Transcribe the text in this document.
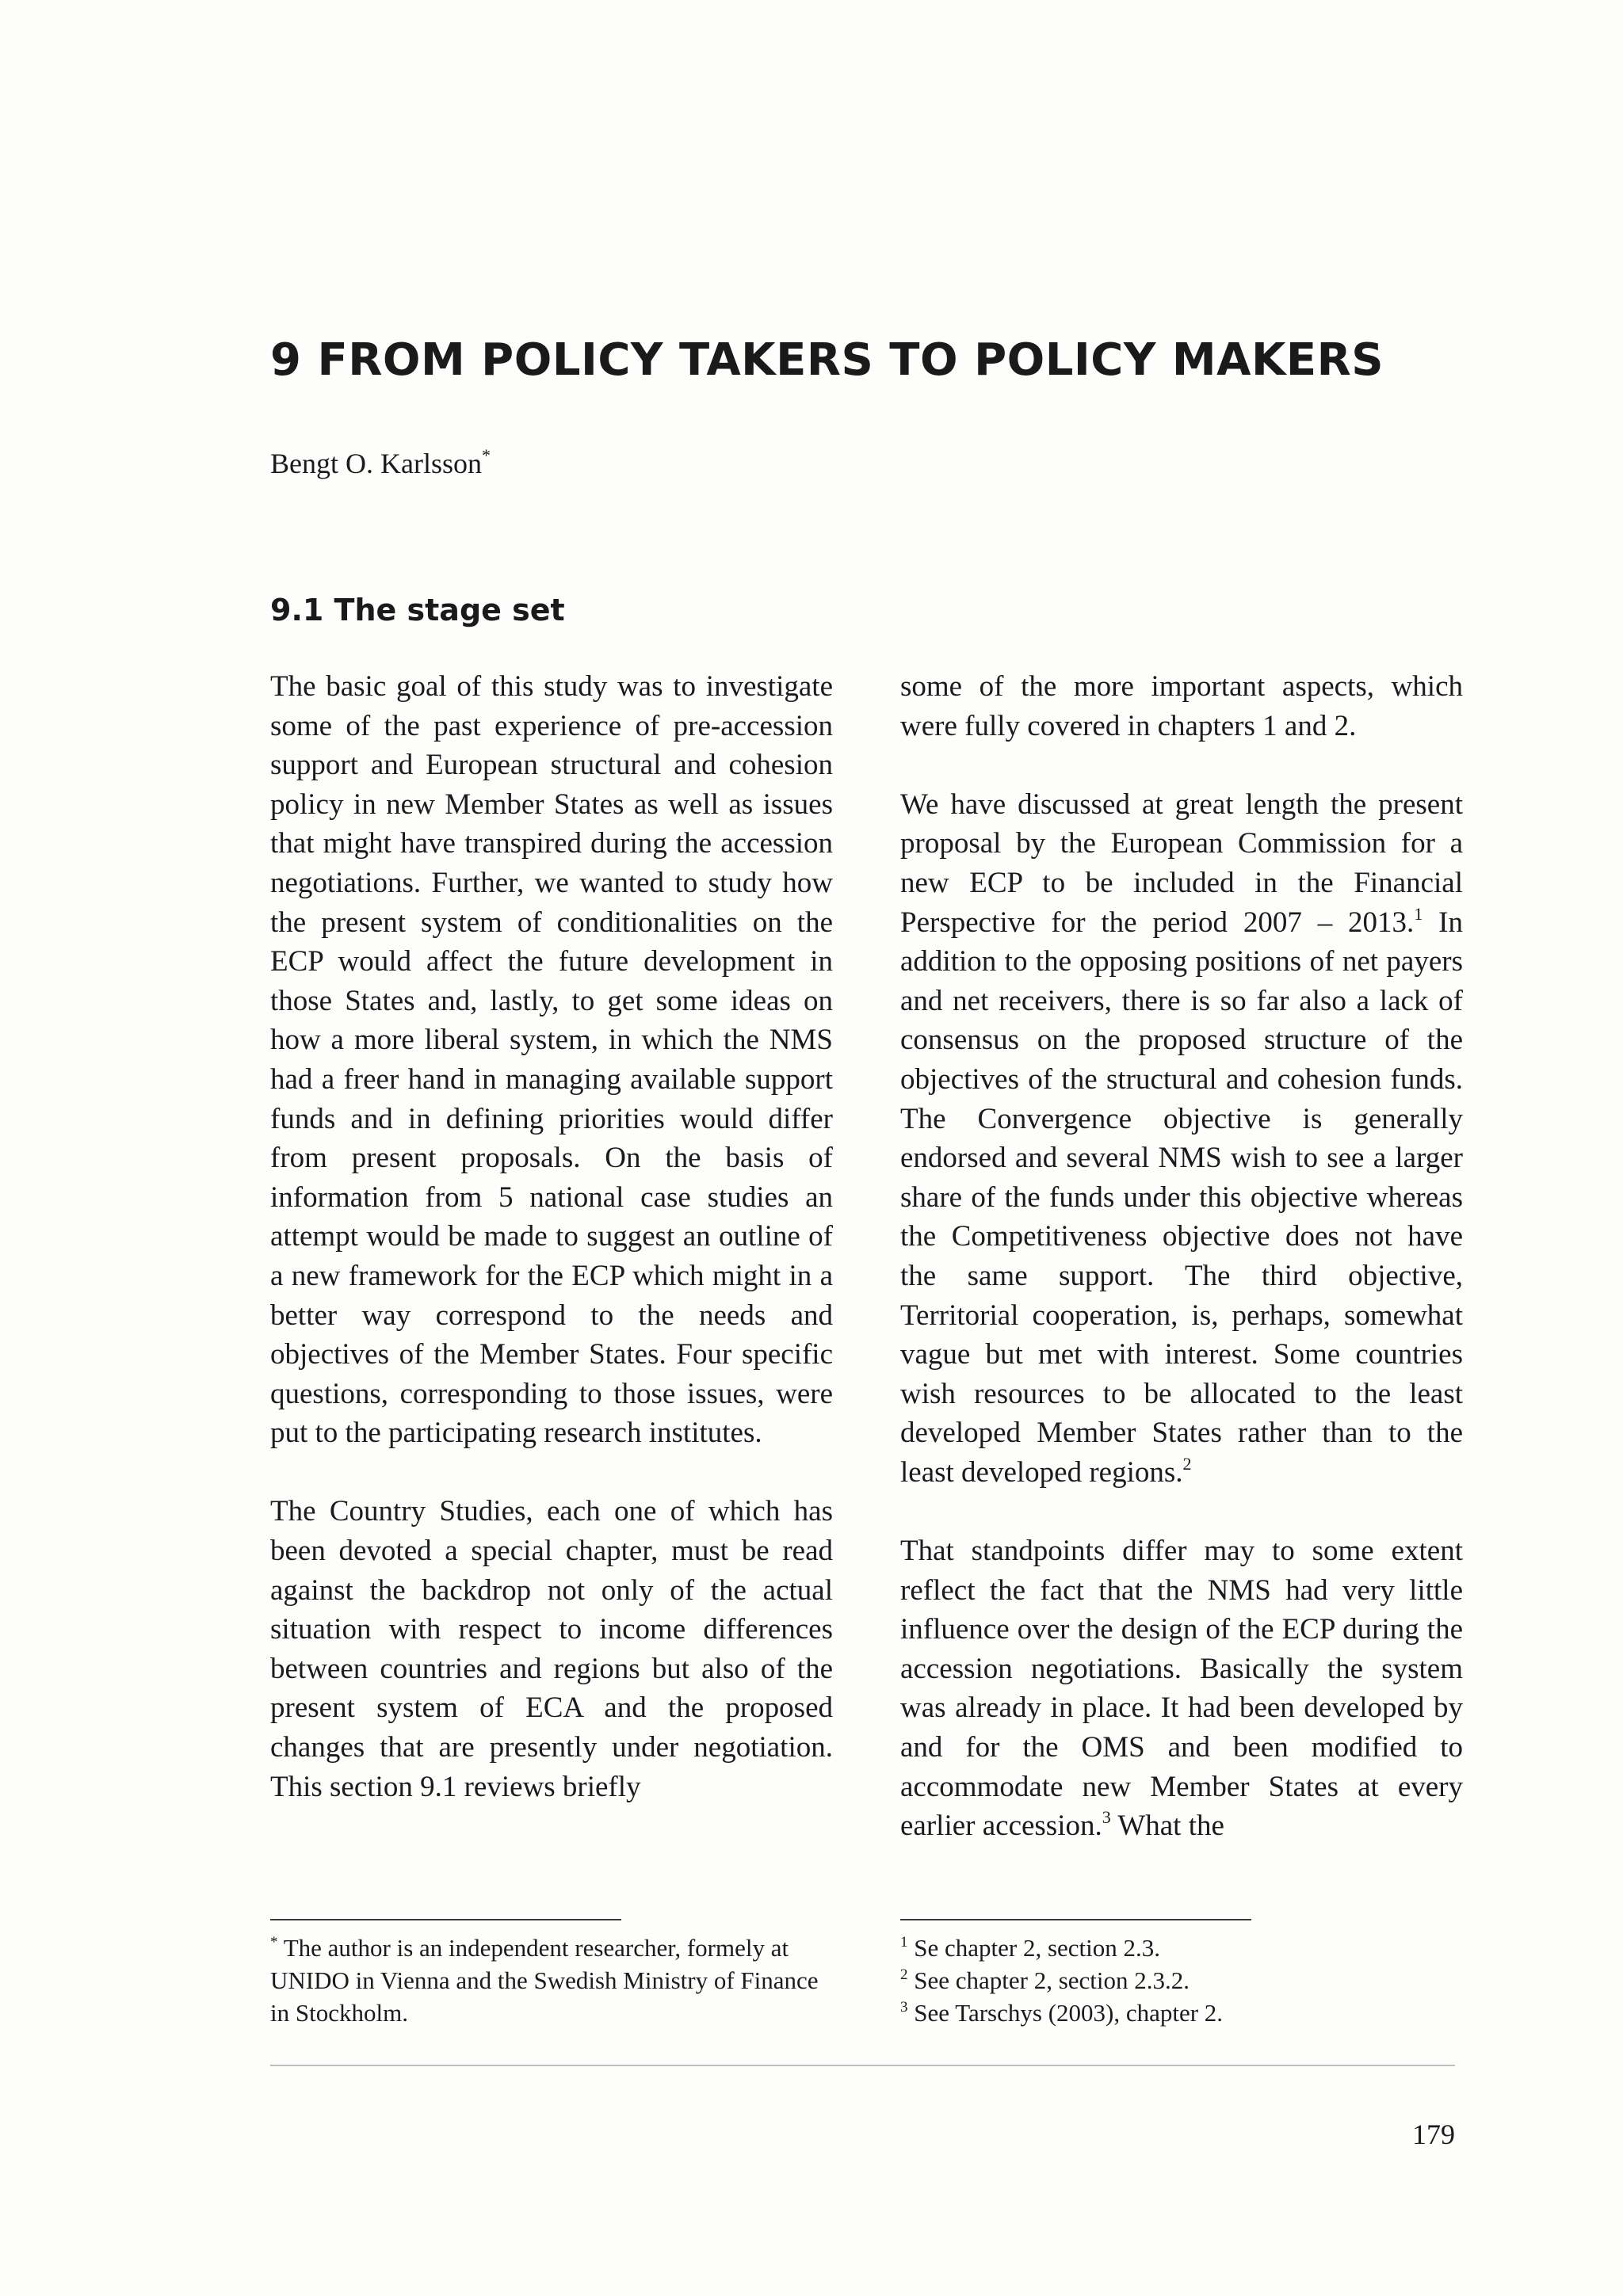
9 FROM POLICY TAKERS TO POLICY MAKERS

Bengt O. Karlsson*

9.1 The stage set

The basic goal of this study was to investigate some of the past experience of pre-accession support and European structural and cohesion policy in new Member States as well as issues that might have transpired during the accession negotiations. Further, we wanted to study how the present system of conditionalities on the ECP would affect the future development in those States and, lastly, to get some ideas on how a more liberal system, in which the NMS had a freer hand in managing available support funds and in defining priorities would differ from present proposals. On the basis of information from 5 national case studies an attempt would be made to suggest an outline of a new framework for the ECP which might in a better way correspond to the needs and objectives of the Member States. Four specific questions, corresponding to those issues, were put to the participating research institutes.

The Country Studies, each one of which has been devoted a special chapter, must be read against the backdrop not only of the actual situation with respect to income differences between countries and regions but also of the present system of ECA and the proposed changes that are presently under negotiation. This section 9.1 reviews briefly

some of the more important aspects, which were fully covered in chapters 1 and 2.

We have discussed at great length the present proposal by the European Commission for a new ECP to be included in the Financial Perspective for the period 2007 – 2013.$^1$ In addition to the opposing positions of net payers and net receivers, there is so far also a lack of consensus on the proposed structure of the objectives of the structural and cohesion funds. The Convergence objective is generally endorsed and several NMS wish to see a larger share of the funds under this objective whereas the Competitiveness objective does not have the same support. The third objective, Territorial cooperation, is, perhaps, somewhat vague but met with interest. Some countries wish resources to be allocated to the least developed Member States rather than to the least developed regions.$^2$

That standpoints differ may to some extent reflect the fact that the NMS had very little influence over the design of the ECP during the accession negotiations. Basically the system was already in place. It had been developed by and for the OMS and been modified to accommodate new Member States at every earlier accession.$^3$ What the

* The author is an independent researcher, formely at UNIDO in Vienna and the Swedish Ministry of Finance in Stockholm.

$^1$ Se chapter 2, section 2.3.

$^2$ See chapter 2, section 2.3.2.

$^3$ See Tarschys (2003), chapter 2.

179
